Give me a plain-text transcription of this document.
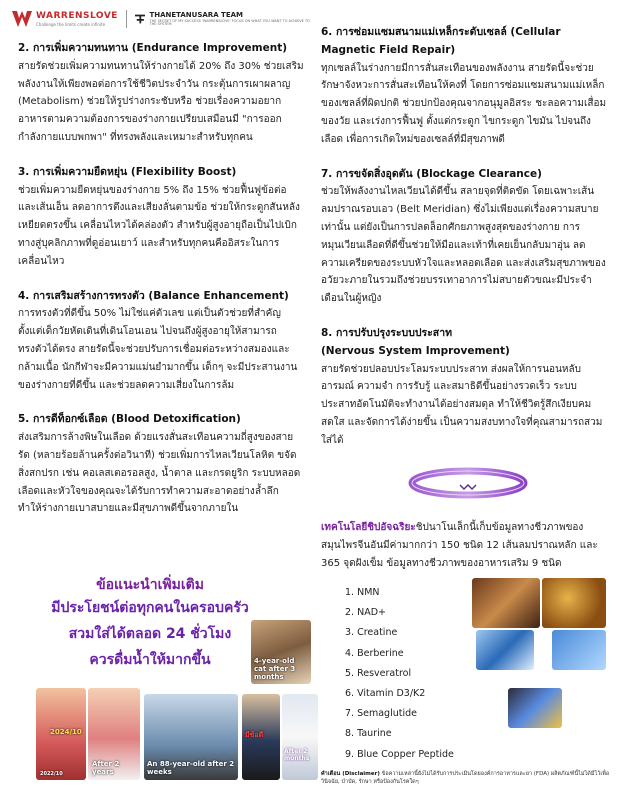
WARRENSLOVE
Challenge the limits create infinite
THANETANUSARA TEAM
THE SECRET OF MY SUCCESS 'WARRENSLOVE' FOCUS ON WHAT YOU WANT TO ACHIEVE TO THE SYSTEM
2. การเพิ่มความทนทาน (Endurance Improvement)

สายรัดช่วยเพิ่มความทนทานให้ร่างกายได้ 20% ถึง 30% ช่วยเสริมพลังงานให้เพียงพอต่อการใช้ชีวิตประจำวัน กระตุ้นการเผาผลาญ (Metabolism) ช่วยให้รูปร่างกระชับหรือ ช่วยเรื่องความอยากอาหารตามความต้องการของร่างกายเปรียบเสมือนมี "การออกกำลังกายแบบพกพา" ที่ทรงพลังและเหมาะสำหรับทุกคน

3. การเพิ่มความยืดหยุ่น (Flexibility Boost)

ช่วยเพิ่มความยืดหยุ่นของร่างกาย 5% ถึง 15% ช่วยฟื้นฟูข้อต่อและเส้นเอ็น ลดอาการตึงและเสียงลั่นตามข้อ ช่วยให้กระดูกสันหลังเหยียดตรงขึ้น เคลื่อนไหวได้คล่องตัว สำหรับผู้สูงอายุถือเป็นไปเบิกทางสู่บุคลิกภาพที่ดูอ่อนเยาว์ และสำหรับทุกคนคืออิสระในการเคลื่อนไหว

4. การเสริมสร้างการทรงตัว (Balance Enhancement)

การทรงตัวที่ดีขึ้น 50% ไม่ใช่แค่ตัวเลข แต่เป็นตัวช่วยที่สำคัญตั้งแต่เด็กวัยหัดเดินที่เดินโอนเอน ไปจนถึงผู้สูงอายุให้สามารถทรงตัวได้ตรง สายรัดนี้จะช่วยปรับการเชื่อมต่อระหว่างสมองและกล้ามเนื้อ นักกีฬาจะมีความแม่นยำมากขึ้น เด็กๆ จะมีประสานงานของร่างกายที่ดีขึ้น และช่วยลดความเสี่ยงในการล้ม

5. การดีท็อกซ์เลือด (Blood Detoxification)

ส่งเสริมการล้างพิษในเลือด ด้วยแรงสั่นสะเทือนความถี่สูงของสายรัด (หลายร้อยล้านครั้งต่อวินาที) ช่วยเพิ่มการไหลเวียนโลหิต ขจัดสิ่งสกปรก เช่น คอเลสเตอรอลสูง, น้ำตาล และกรดยูริก ระบบหลอดเลือดและหัวใจของคุณจะได้รับการทำความสะอาดอย่างล้ำลึก ทำให้ร่างกายเบาสบายและมีสุขภาพดีขึ้นจากภายใน

6. การซ่อมแซมสนามแม่เหล็กระดับเซลล์ (Cellular Magnetic Field Repair)

ทุกเซลล์ในร่างกายมีการสั่นสะเทือนของพลังงาน สายรัดนี้จะช่วยรักษาจังหวะการสั่นสะเทือนให้คงที่ โดยการซ่อมแซมสนามแม่เหล็กของเซลล์ที่ผิดปกติ ช่วยปกป้องคุณจากอนุมูลอิสระ ชะลอความเสื่อมของวัย และเร่งการฟื้นฟู ตั้งแต่กระดูก ไขกระดูก ไขมัน ไปจนถึงเลือด เพื่อการเกิดใหม่ของเซลล์ที่มีสุขภาพดี

7. การขจัดสิ่งอุดตัน (Blockage Clearance)

ช่วยให้พลังงานไหลเวียนได้ดีขึ้น สลายจุดที่ติดขัด โดยเฉพาะเส้นลมปราณรอบเอว (Belt Meridian) ซึ่งไม่เพียงแต่เรื่องความสบายเท่านั้น แต่ยังเป็นการปลดล็อกศักยภาพสูงสุดของร่างกาย การหมุนเวียนเลือดที่ดีขึ้นช่วยให้มือและเท้าที่เคยเย็นกลับมาอุ่น ลดความเครียดของระบบหัวใจและหลอดเลือด และส่งเสริมสุขภาพของอวัยวะภายในรวมถึงช่วยบรรเทาอาการไม่สบายตัวขณะมีประจำเดือนในผู้หญิง

8. การปรับปรุงระบบประสาท
(Nervous System Improvement)

สายรัดช่วยปลอบประโลมระบบประสาท ส่งผลให้การนอนหลับ อารมณ์ ความจำ การรับรู้ และสมาธิดีขึ้นอย่างรวดเร็ว ระบบประสาทอัตโนมัติจะทำงานได้อย่างสมดุล ทำให้ชีวิตรู้สึกเงียบคม สดใส และจัดการได้ง่ายขึ้น เป็นความสงบทางใจที่คุณสามารถสวมใส่ได้

เทคโนโลยีชิปอัจฉริยะชิปนาโนเล็กนี้เก็บข้อมูลทางชีวภาพของสมุนไพรจีนอันมีค่ามากกว่า 150 ชนิด 12 เส้นลมปราณหลัก และ 365 จุดฝังเข็ม ข้อมูลทางชีวภาพของอาหารเสริม 9 ชนิด
1. NMN
2. NAD+
3. Creatine
4. Berberine
5. Resveratrol
6. Vitamin D3/K2
7. Semaglutide
8. Taurine
9. Blue Copper Peptide
ข้อแนะนำเพิ่มเติม
มีประโยชน์ต่อทุกคนในครอบครัว
สวมใส่ได้ตลอด 24 ชั่วโมง
ควรดื่มน้ำให้มากขึ้น	4-year-old cat after 3 months
2024/10
2022/10
After 2 years
An 88-year-old after 2 weeks
มีข้อดี
After 2 months
คำเตือน (Disclaimer) ข้อความเหล่านี้ยังไม่ได้รับการประเมินโดยองค์การอาหารและยา (FDA) ผลิตภัณฑ์นี้ไม่ได้มีไว้เพื่อวินิจฉัย, บำบัด, รักษา หรือป้องกันโรคใดๆ
